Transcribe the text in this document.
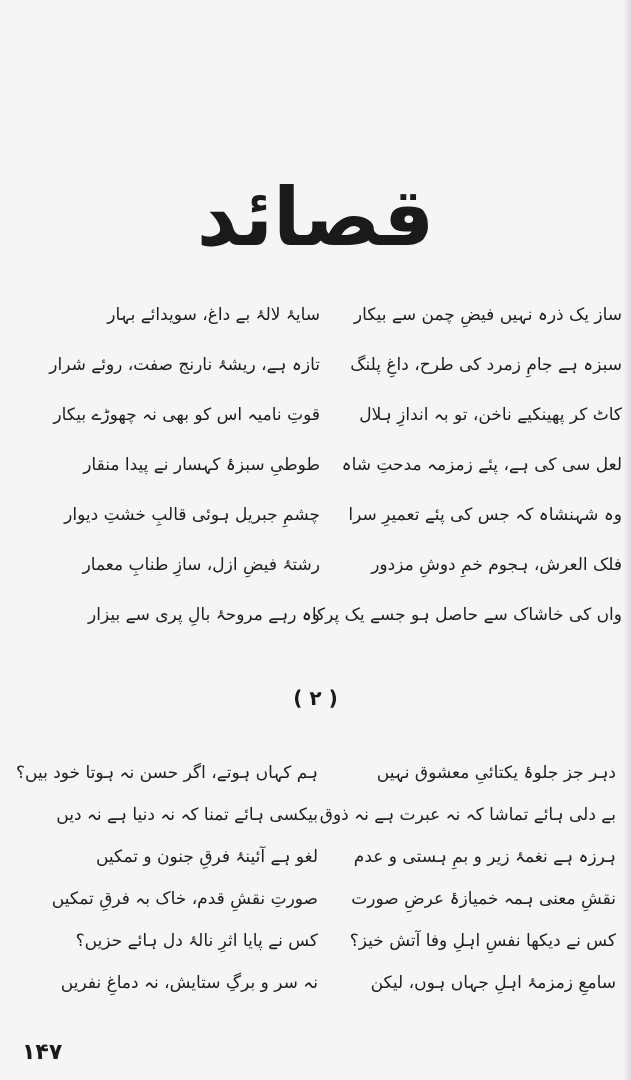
قصائد
ساز یک ذرہ نہیں فیضِ چمن سے بیکار
سبزہ ہے جامِ زمرد کی طرح، داغِ پلنگ
کاٹ کر پھینکیے ناخن، تو بہ اندازِ ہلال
لعل سی کی ہے، پئے زمزمہ مدحتِ شاہ
وہ شہنشاہ کہ جس کی پئے تعمیرِ سرا
فلک العرش، ہجوم خمِ دوشِ مزدور
واں کی خاشاک سے حاصل ہو جسے یک پرکاہ
سایۂ لالۂ بے داغ، سویدائے بہار
تازہ ہے، ریشۂ نارنج صفت، روئے شرار
قوتِ نامیہ اس کو بھی نہ چھوڑے بیکار
طوطیِ سبزۂ کہسار نے پیدا منقار
چشمِ جبریل ہوئی قالبِ خشتِ دیوار
رشتۂ فیضِ ازل، سازِ طنابِ معمار
وہ رہے مروحۂ بالِ پری سے بیزار
( ۲ )
دہر جز جلوۂ یکتائیِ معشوق نہیں
بے دلی ہائے تماشا کہ نہ عبرت ہے نہ ذوق
ہرزہ ہے نغمۂ زیر و بمِ ہستی و عدم
نقشِ معنی ہمہ خمیازۂ عرضِ صورت
کس نے دیکھا نفسِ اہلِ وفا آتش خیز؟
سامعِ زمزمۂ اہلِ جہاں ہوں، لیکن
ہم کہاں ہوتے، اگر حسن نہ ہوتا خود بیں؟
بیکسی ہائے تمنا کہ نہ دنیا ہے نہ دیں
لغو ہے آئینۂ فرقِ جنون و تمکیں
صورتِ نقشِ قدم، خاک بہ فرقِ تمکیں
کس نے پایا اثرِ نالۂ دل ہائے حزیں؟
نہ سر و برگِ ستایش، نہ دماغِ نفریں
۱۴۷
